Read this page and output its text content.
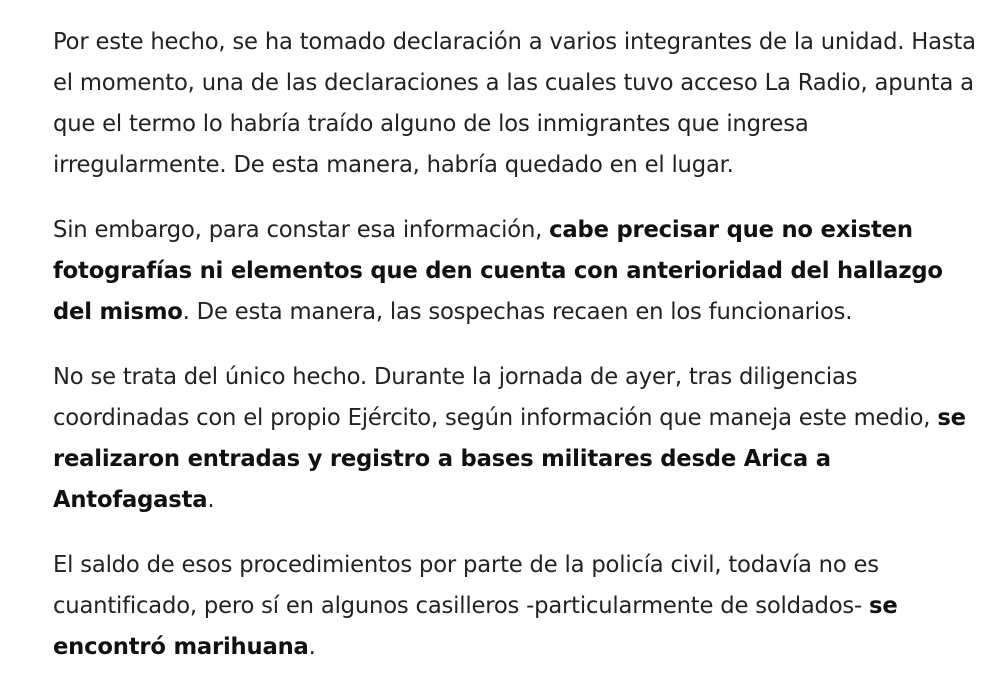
Por este hecho, se ha tomado declaración a varios integrantes de la unidad. Hasta el momento, una de las declaraciones a las cuales tuvo acceso La Radio, apunta a que el termo lo habría traído alguno de los inmigrantes que ingresa irregularmente. De esta manera, habría quedado en el lugar.

Sin embargo, para constar esa información, cabe precisar que no existen fotografías ni elementos que den cuenta con anterioridad del hallazgo del mismo. De esta manera, las sospechas recaen en los funcionarios.

No se trata del único hecho. Durante la jornada de ayer, tras diligencias coordinadas con el propio Ejército, según información que maneja este medio, se realizaron entradas y registro a bases militares desde Arica a Antofagasta.

El saldo de esos procedimientos por parte de la policía civil, todavía no es cuantificado, pero sí en algunos casilleros -particularmente de soldados- se encontró marihuana.
